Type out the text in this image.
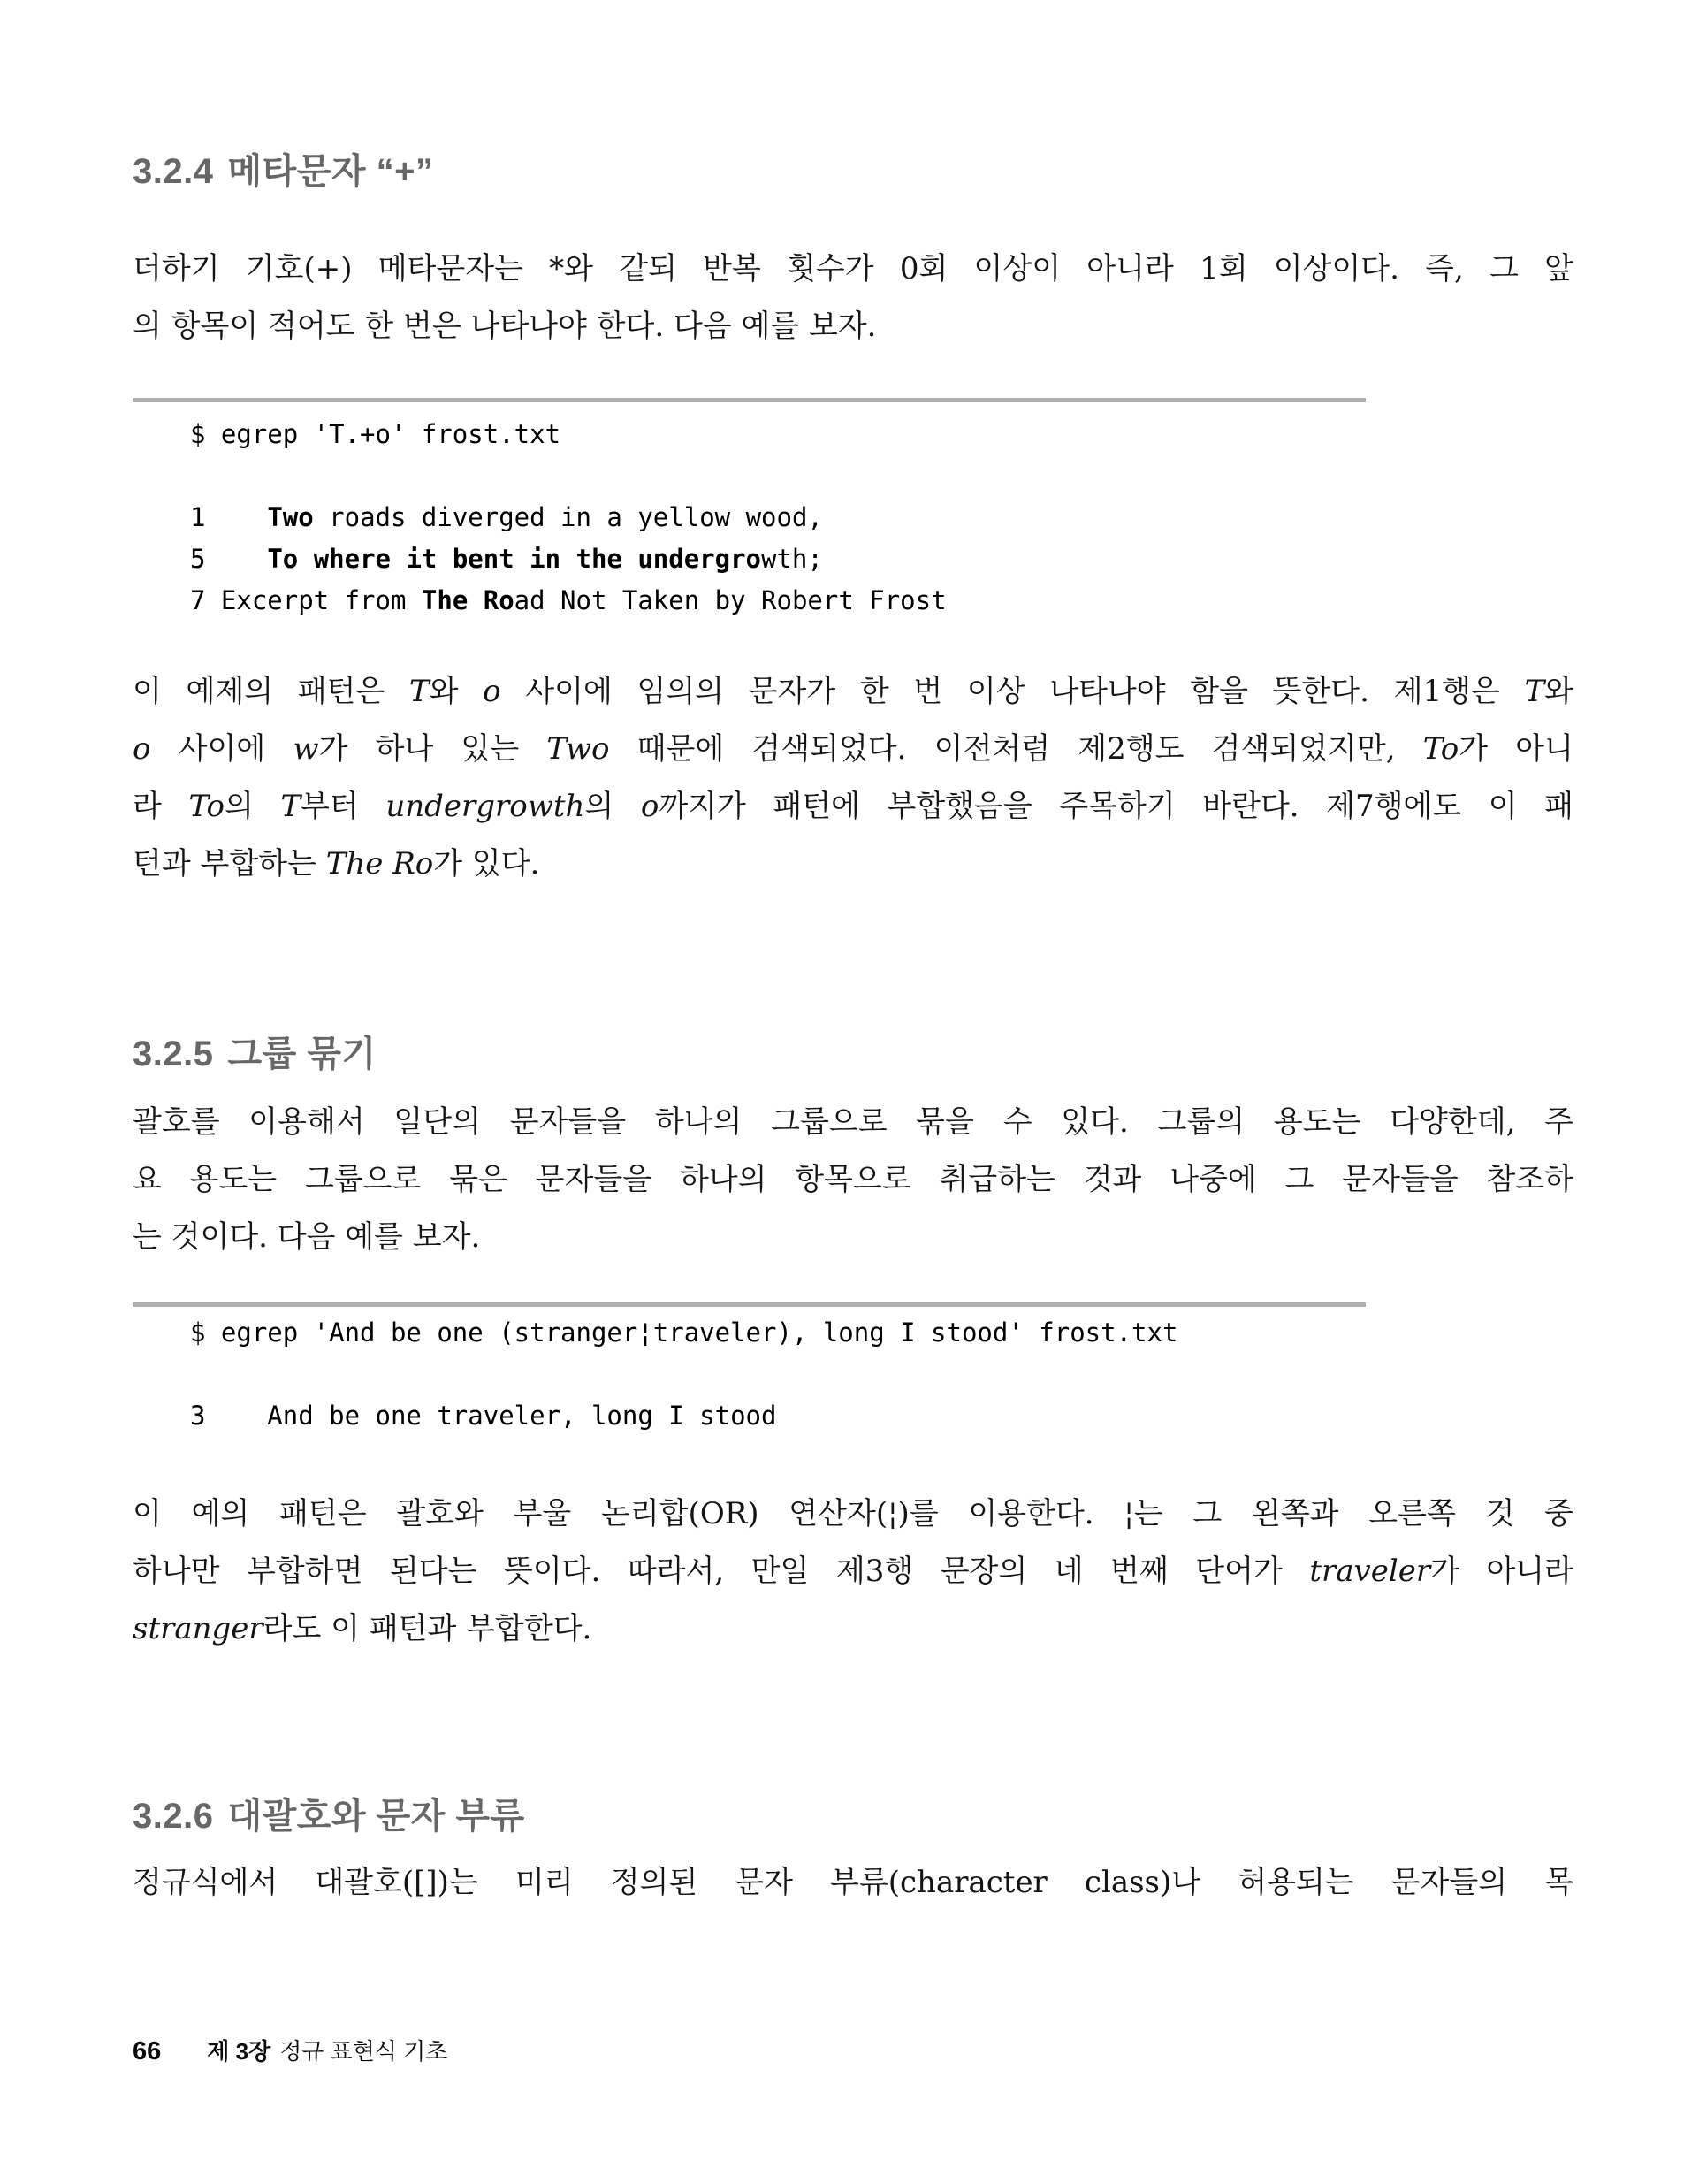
3.2.4 메타문자 “+”
더하기 기호(+) 메타문자는 *와 같되 반복 횟수가 0회 이상이 아니라 1회 이상이다. 즉, 그 앞
의 항목이 적어도 한 번은 나타나야 한다. 다음 예를 보자.
$ egrep 'T.+o' frost.txt

1    Two roads diverged in a yellow wood,
5    To where it bent in the undergrowth;
7 Excerpt from The Road Not Taken by Robert Frost
이 예제의 패턴은 T와 o 사이에 임의의 문자가 한 번 이상 나타나야 함을 뜻한다. 제1행은 T와
o 사이에 w가 하나 있는 Two 때문에 검색되었다. 이전처럼 제2행도 검색되었지만, To가 아니
라 To의 T부터 undergrowth의 o까지가 패턴에 부합했음을 주목하기 바란다. 제7행에도 이 패
턴과 부합하는 The Ro가 있다.
3.2.5 그룹 묶기
괄호를 이용해서 일단의 문자들을 하나의 그룹으로 묶을 수 있다. 그룹의 용도는 다양한데, 주
요 용도는 그룹으로 묶은 문자들을 하나의 항목으로 취급하는 것과 나중에 그 문자들을 참조하
는 것이다. 다음 예를 보자.
$ egrep 'And be one (stranger¦traveler), long I stood' frost.txt

3    And be one traveler, long I stood
이 예의 패턴은 괄호와 부울 논리합(OR) 연산자(¦)를 이용한다. ¦는 그 왼쪽과 오른쪽 것 중
하나만 부합하면 된다는 뜻이다. 따라서, 만일 제3행 문장의 네 번째 단어가 traveler가 아니라
stranger라도 이 패턴과 부합한다.
3.2.6 대괄호와 문자 부류
정규식에서 대괄호([])는 미리 정의된 문자 부류(character class)나 허용되는 문자들의 목
66 제 3장 정규 표현식 기초
